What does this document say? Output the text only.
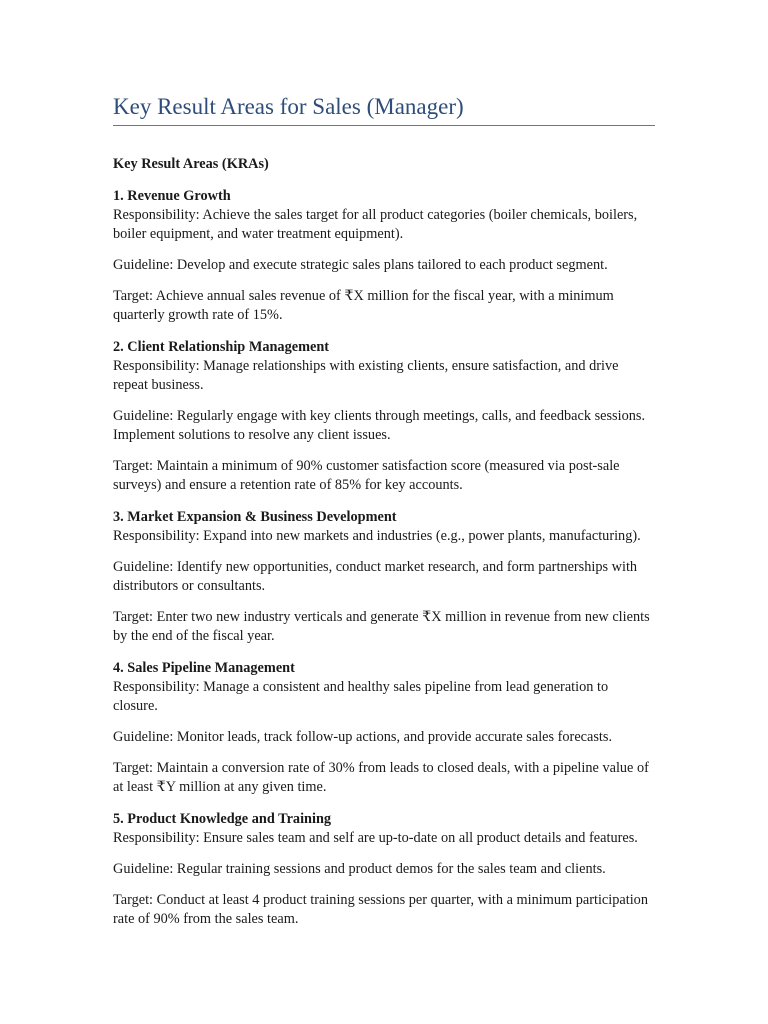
Key Result Areas for Sales (Manager)

Key Result Areas (KRAs)

1. Revenue Growth

Responsibility: Achieve the sales target for all product categories (boiler chemicals, boilers, boiler equipment, and water treatment equipment).

Guideline: Develop and execute strategic sales plans tailored to each product segment.

Target: Achieve annual sales revenue of ₹X million for the fiscal year, with a minimum quarterly growth rate of 15%.

2. Client Relationship Management

Responsibility: Manage relationships with existing clients, ensure satisfaction, and drive repeat business.

Guideline: Regularly engage with key clients through meetings, calls, and feedback sessions. Implement solutions to resolve any client issues.

Target: Maintain a minimum of 90% customer satisfaction score (measured via post-sale surveys) and ensure a retention rate of 85% for key accounts.

3. Market Expansion & Business Development

Responsibility: Expand into new markets and industries (e.g., power plants, manufacturing).

Guideline: Identify new opportunities, conduct market research, and form partnerships with distributors or consultants.

Target: Enter two new industry verticals and generate ₹X million in revenue from new clients by the end of the fiscal year.

4. Sales Pipeline Management

Responsibility: Manage a consistent and healthy sales pipeline from lead generation to closure.

Guideline: Monitor leads, track follow-up actions, and provide accurate sales forecasts.

Target: Maintain a conversion rate of 30% from leads to closed deals, with a pipeline value of at least ₹Y million at any given time.

5. Product Knowledge and Training

Responsibility: Ensure sales team and self are up-to-date on all product details and features.

Guideline: Regular training sessions and product demos for the sales team and clients.

Target: Conduct at least 4 product training sessions per quarter, with a minimum participation rate of 90% from the sales team.
